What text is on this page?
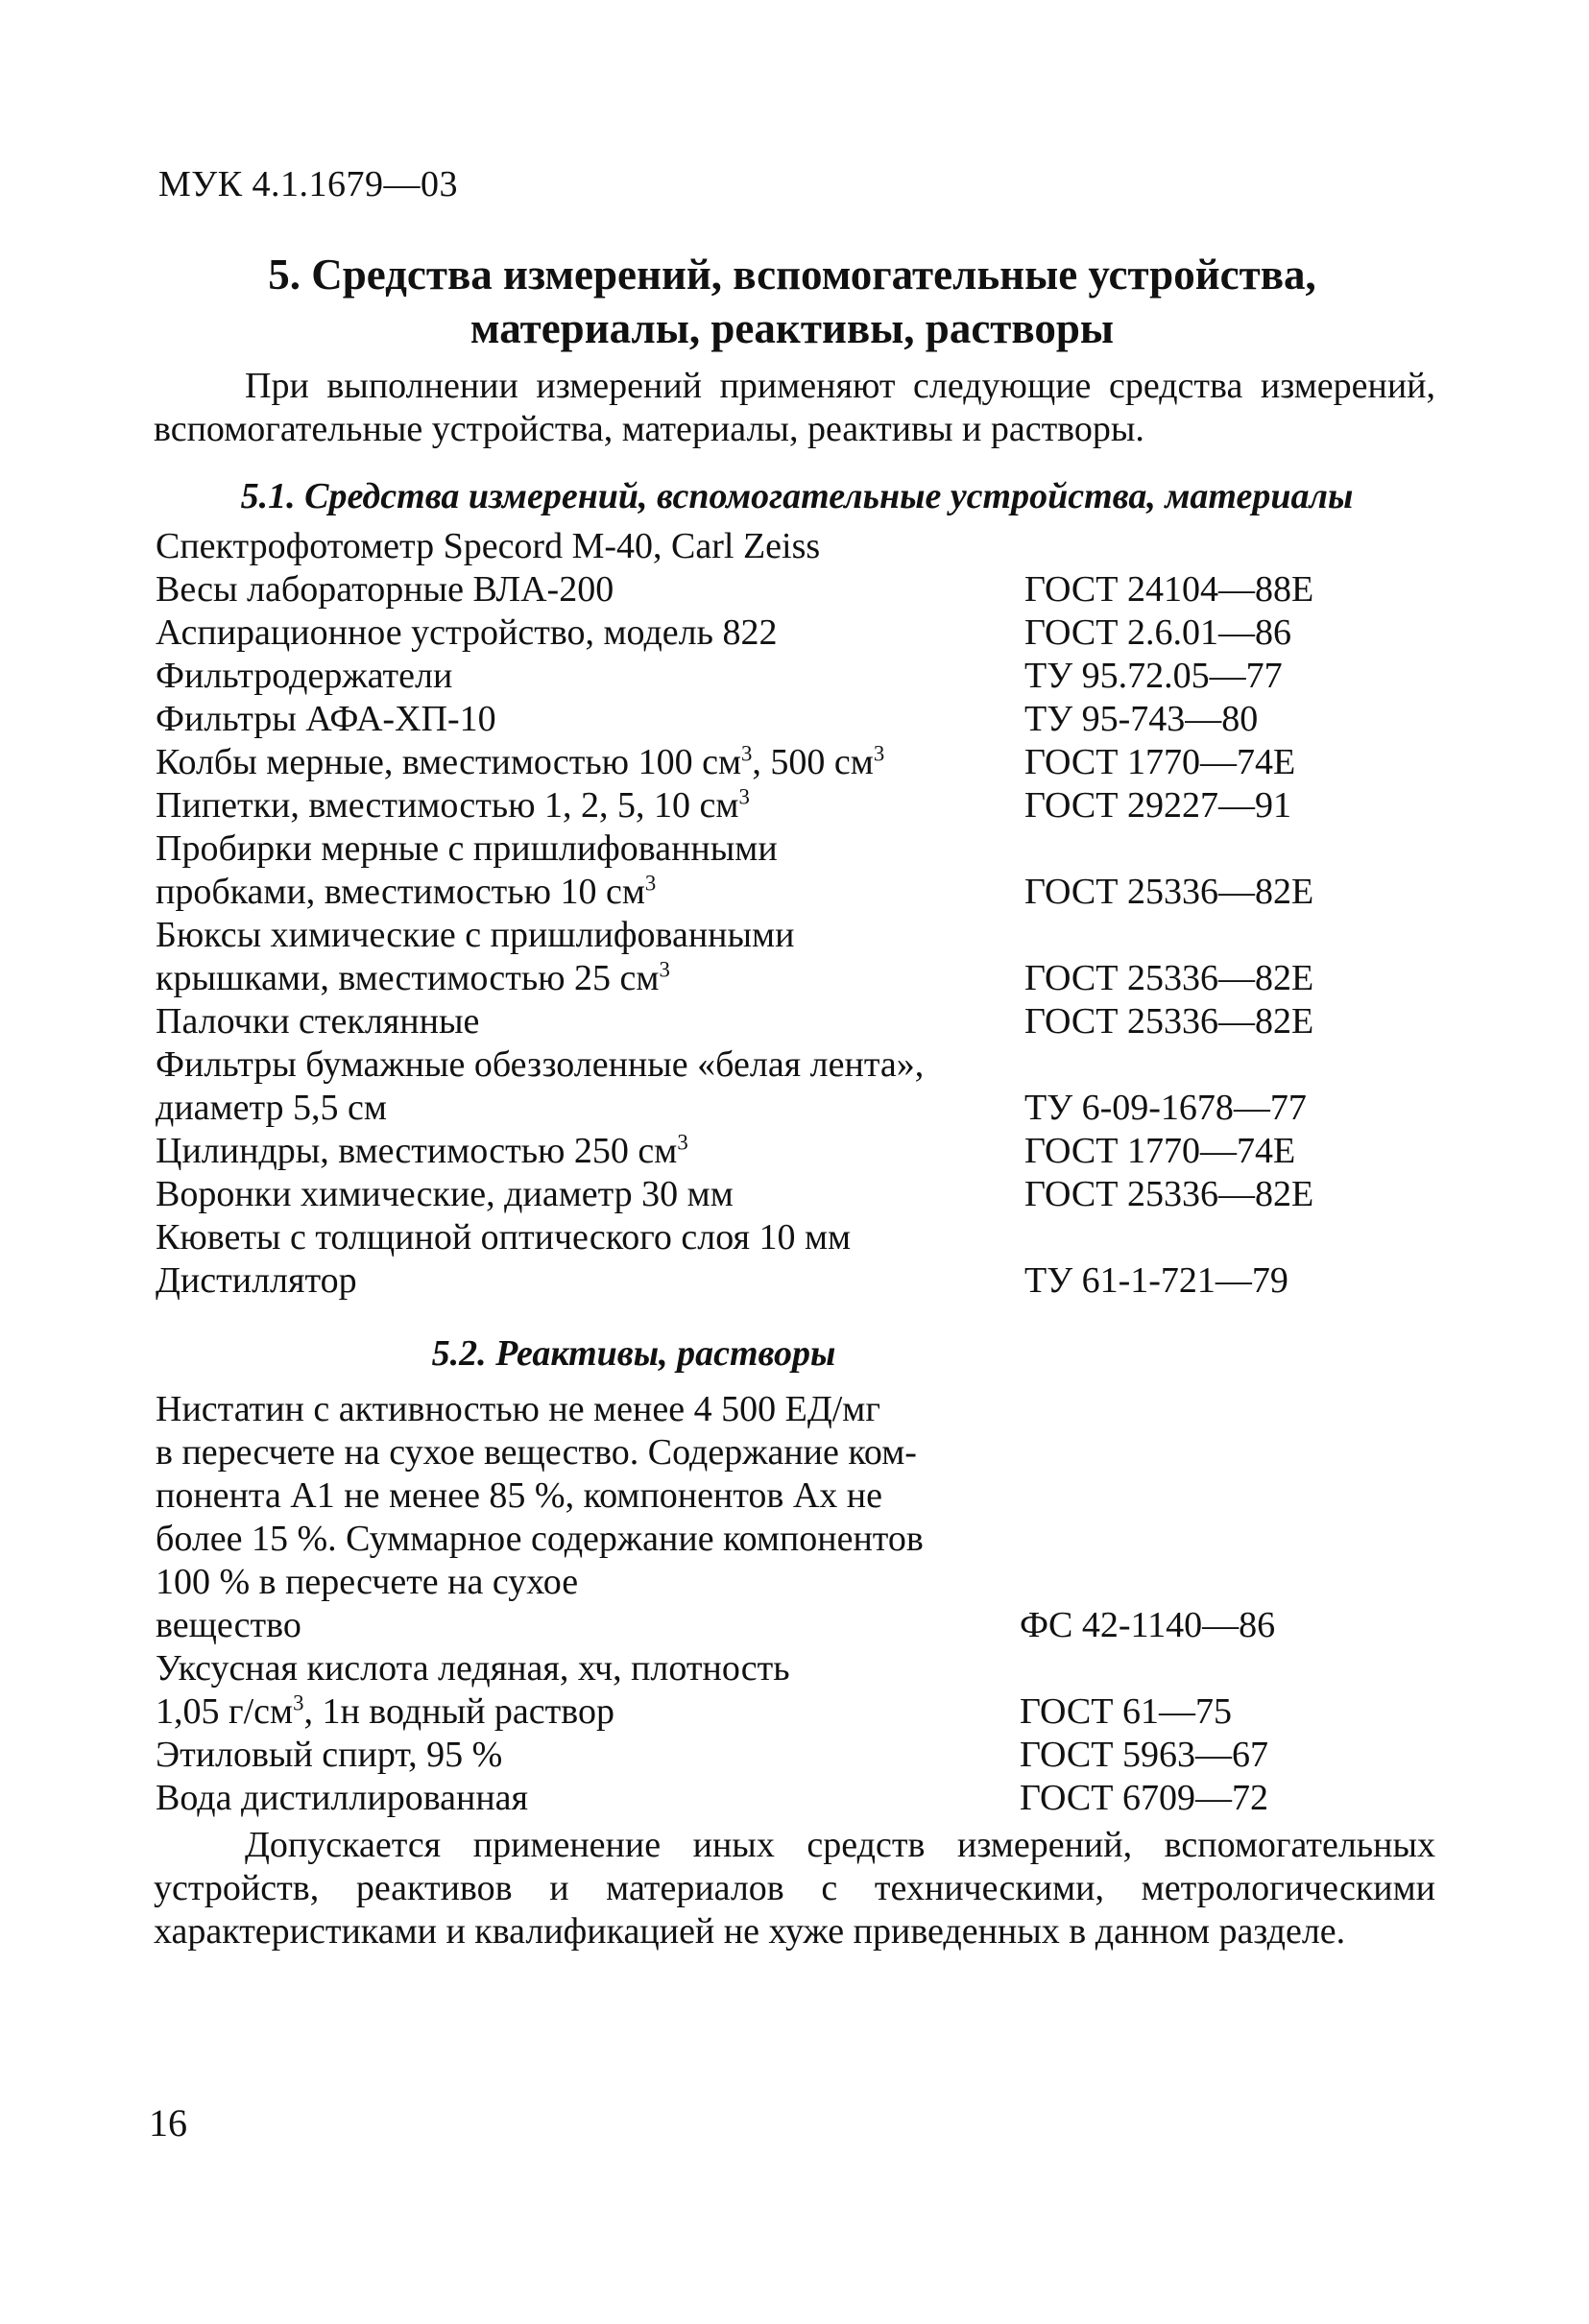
МУК 4.1.1679—03
5. Средства измерений, вспомогательные устройства,
материалы, реактивы, растворы
При выполнении измерений применяют следующие средства измерений, вспомогательные устройства, материалы, реактивы и растворы.
5.1. Средства измерений, вспомогательные устройства, материалы
Спектрофотометр Specord M-40, Carl Zeiss
Весы лабораторные ВЛА-200	ГОСТ 24104—88Е
Аспирационное устройство, модель 822	ГОСТ 2.6.01—86
Фильтродержатели	ТУ 95.72.05—77
Фильтры АФА-ХП-10	ТУ 95-743—80
Колбы мерные, вместимостью 100 $см^3$, 500 $см^3$	ГОСТ 1770—74Е
Пипетки, вместимостью 1, 2, 5, 10 $см^3$	ГОСТ 29227—91
Пробирки мерные с пришлифованными
пробками, вместимостью 10 $см^3$	ГОСТ 25336—82Е
Бюксы химические с пришлифованными
крышками, вместимостью 25 $см^3$	ГОСТ 25336—82Е
Палочки стеклянные	ГОСТ 25336—82Е
Фильтры бумажные обеззоленные «белая лента»,
диаметр 5,5 см	ТУ 6-09-1678—77
Цилиндры, вместимостью 250 $см^3$	ГОСТ 1770—74Е
Воронки химические, диаметр 30 мм	ГОСТ 25336—82Е
Кюветы с толщиной оптического слоя 10 мм
Дистиллятор	ТУ 61-1-721—79
5.2. Реактивы, растворы
Нистатин с активностью не менее 4 500 ЕД/мг
в пересчете на сухое вещество. Содержание ком-
понента А1 не менее 85 %, компонентов Ах не
более 15 %. Суммарное содержание компонентов
100 % в пересчете на сухое
вещество	ФС 42-1140—86
Уксусная кислота ледяная, хч, плотность
1,05 $г/см^3$, 1н водный раствор	ГОСТ 61—75
Этиловый спирт, 95 %	ГОСТ 5963—67
Вода дистиллированная	ГОСТ 6709—72
Допускается применение иных средств измерений, вспомогательных устройств, реактивов и материалов с техническими, метрологическими характеристиками и квалификацией не хуже приведенных в данном разделе.
16
